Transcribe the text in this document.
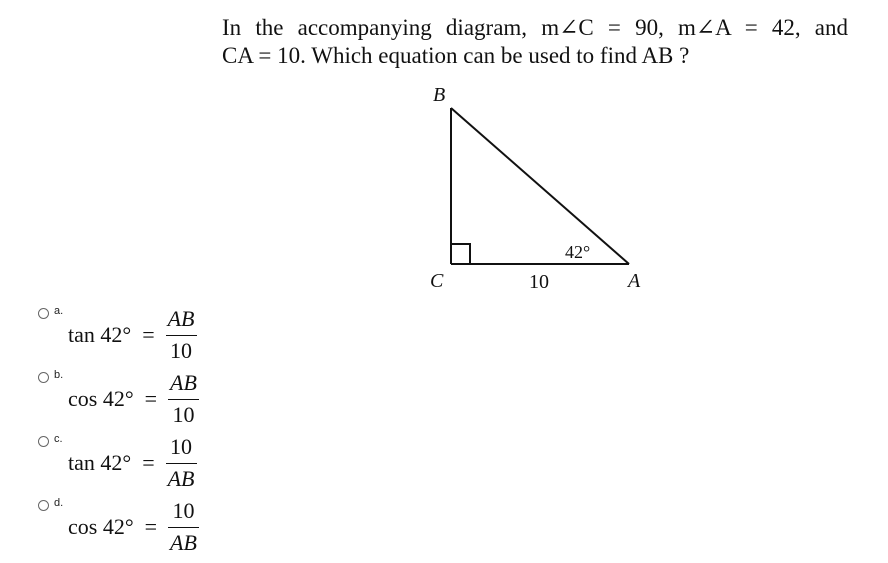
In the accompanying diagram, m∠C = 90, m∠A = 42, and
CA = 10. Which equation can be used to find AB ?
B
C	A
10
42°
a.
$\tan 42^\circ = \frac{AB}{10}$
b.
$\cos 42^\circ = \frac{AB}{10}$
c.
$\tan 42^\circ = \frac{10}{AB}$
d.
$\cos 42^\circ = \frac{10}{AB}$
